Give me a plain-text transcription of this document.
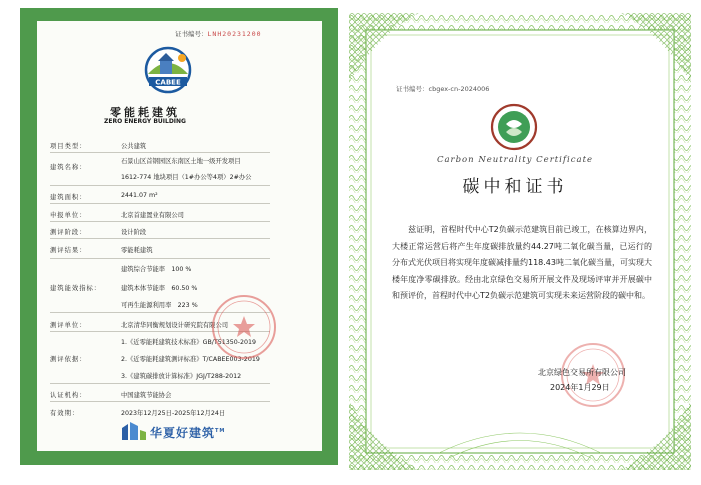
证书编号：LNH20231200
CABEE
零能耗建筑
ZERO ENERGY BUILDING
项目类型：	公共建筑
建筑名称：
石景山区首钢园区东南区土地一级开发项目
1612-774 地块项目（1#办公等4项）2#办公
建筑面积：	2441.07 m²
申报单位：	北京首建置业有限公司
测评阶段：	设计阶段
测评结果：	零能耗建筑
建筑能效指标：
建筑综合节能率　100 %
建筑本体节能率　60.50 %
可再生能源利用率　223 %
测评单位：	北京清华同衡规划设计研究院有限公司
测评依据：
1.《近零能耗建筑技术标准》GB/T51350-2019
2.《近零能耗建筑测评标准》T/CABEE003-2019
3.《建筑碳排放计算标准》JGJ/T288-2012
认证机构：	中国建筑节能协会
有效期：	2023年12月25日-2025年12月24日
华夏好建筑™
证书编号：cbgex-cn-2024006
Carbon Neutrality Certificate
碳中和证书

　　兹证明，首程时代中心T2负碳示范建筑目前已竣工，在核算边界内，大楼正常运营后将产生年度碳排放量约44.27吨二氧化碳当量，已运行的分布式光伏项目将实现年度碳减排量约118.43吨二氧化碳当量，可实现大楼年度净零碳排放。经由北京绿色交易所开展文件及现场评审并开展碳中和预评价，首程时代中心T2负碳示范建筑可实现未来运营阶段的碳中和。

北京绿色交易所有限公司
2024年1月29日
